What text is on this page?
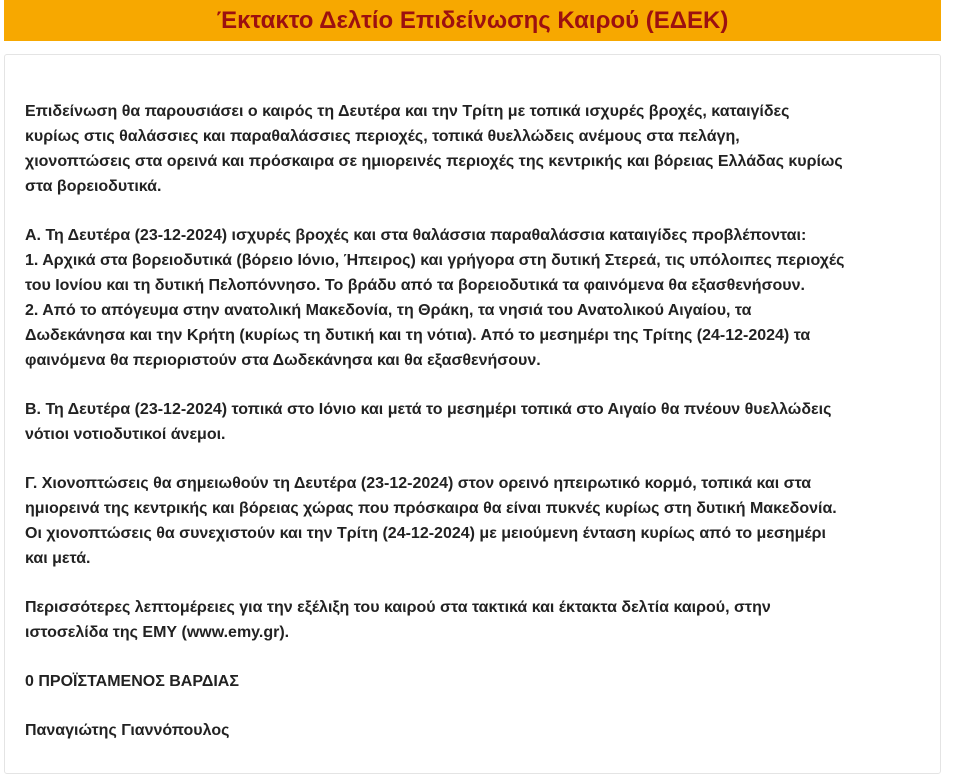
Έκτακτο Δελτίο Επιδείνωσης Καιρού (ΕΔΕΚ)

Επιδείνωση θα παρουσιάσει ο καιρός τη Δευτέρα και την Τρίτη με τοπικά ισχυρές βροχές, καταιγίδες
κυρίως στις θαλάσσιες και παραθαλάσσιες περιοχές, τοπικά θυελλώδεις ανέμους στα πελάγη,
χιονοπτώσεις στα ορεινά και πρόσκαιρα σε ημιορεινές περιοχές της κεντρικής και βόρειας Ελλάδας κυρίως
στα βορειοδυτικά.

Α. Τη Δευτέρα (23-12-2024) ισχυρές βροχές και στα θαλάσσια παραθαλάσσια καταιγίδες προβλέπονται:
1. Αρχικά στα βορειοδυτικά (βόρειο Ιόνιο, Ήπειρος) και γρήγορα στη δυτική Στερεά, τις υπόλοιπες περιοχές
του Ιονίου και τη δυτική Πελοπόννησο. Το βράδυ από τα βορειοδυτικά τα φαινόμενα θα εξασθενήσουν.
2. Από το απόγευμα στην ανατολική Μακεδονία, τη Θράκη, τα νησιά του Ανατολικού Αιγαίου, τα
Δωδεκάνησα και την Κρήτη (κυρίως τη δυτική και τη νότια). Από το μεσημέρι της Τρίτης (24-12-2024) τα
φαινόμενα θα περιοριστούν στα Δωδεκάνησα και θα εξασθενήσουν.

Β. Τη Δευτέρα (23-12-2024) τοπικά στο Ιόνιο και μετά το μεσημέρι τοπικά στο Αιγαίο θα πνέουν θυελλώδεις
νότιοι νοτιοδυτικοί άνεμοι.

Γ. Χιονοπτώσεις θα σημειωθούν τη Δευτέρα (23-12-2024) στον ορεινό ηπειρωτικό κορμό, τοπικά και στα
ημιορεινά της κεντρικής και βόρειας χώρας που πρόσκαιρα θα είναι πυκνές κυρίως στη δυτική Μακεδονία.
Οι χιονοπτώσεις θα συνεχιστούν και την Τρίτη (24-12-2024) με μειούμενη ένταση κυρίως από το μεσημέρι
και μετά.

Περισσότερες λεπτομέρειες για την εξέλιξη του καιρού στα τακτικά και έκτακτα δελτία καιρού, στην
ιστοσελίδα της ΕΜΥ (www.emy.gr).

0 ΠΡΟΪΣΤΑΜΕΝΟΣ ΒΑΡΔΙΑΣ

Παναγιώτης Γιαννόπουλος
